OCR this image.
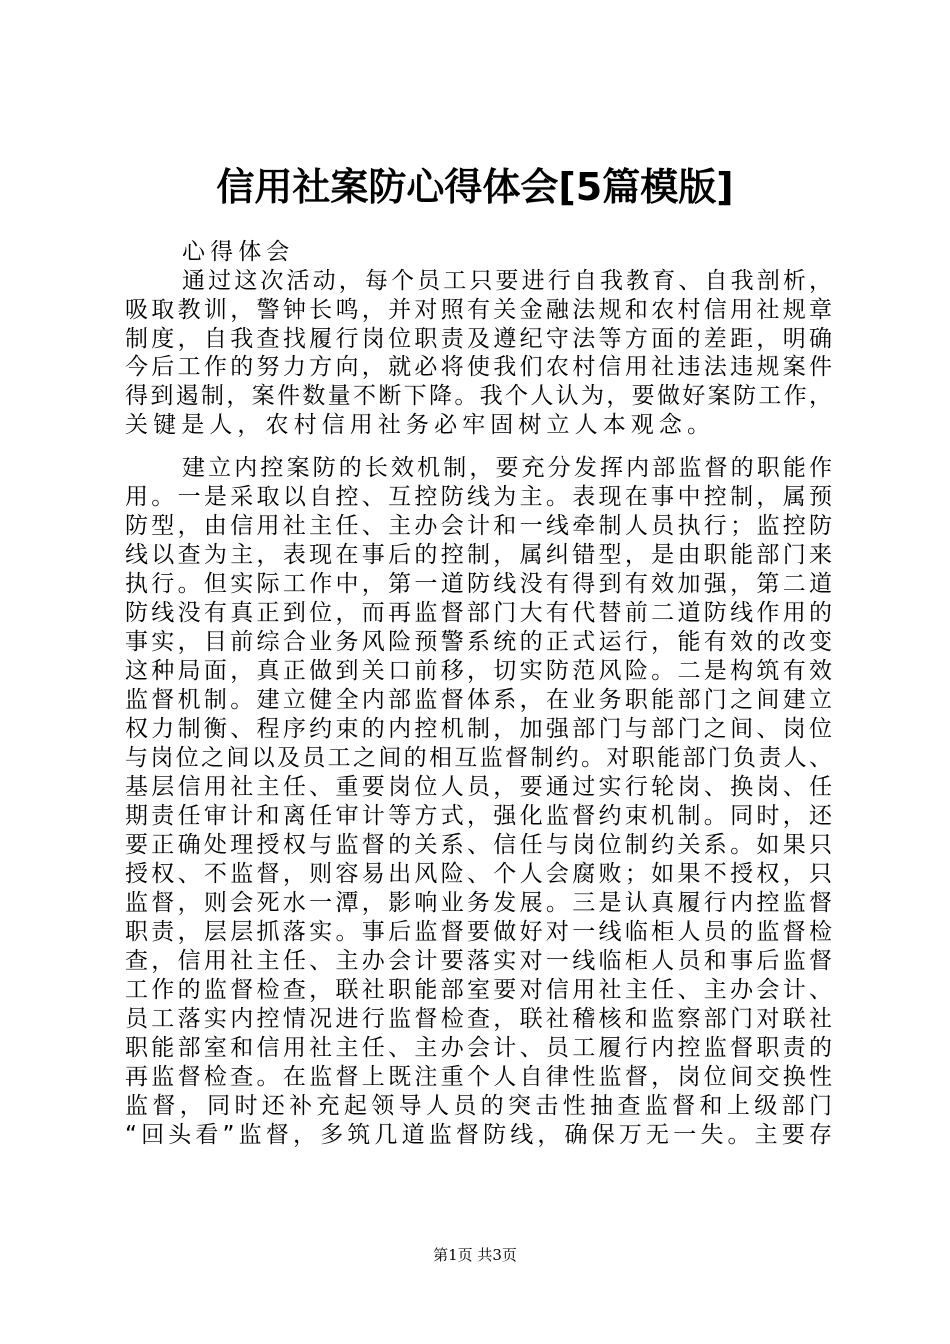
信用社案防心得体会[5篇模版]
心得体会
通过这次活动，每个员工只要进行自我教育、自我剖析，
吸取教训，警钟长鸣，并对照有关金融法规和农村信用社规章
制度，自我查找履行岗位职责及遵纪守法等方面的差距，明确
今后工作的努力方向，就必将使我们农村信用社违法违规案件
得到遏制，案件数量不断下降。我个人认为，要做好案防工作，
关键是人，农村信用社务必牢固树立人本观念。
建立内控案防的长效机制，要充分发挥内部监督的职能作
用。一是采取以自控、互控防线为主。表现在事中控制，属预
防型，由信用社主任、主办会计和一线牵制人员执行；监控防
线以查为主，表现在事后的控制，属纠错型，是由职能部门来
执行。但实际工作中，第一道防线没有得到有效加强，第二道
防线没有真正到位，而再监督部门大有代替前二道防线作用的
事实，目前综合业务风险预警系统的正式运行，能有效的改变
这种局面，真正做到关口前移，切实防范风险。二是构筑有效
监督机制。建立健全内部监督体系，在业务职能部门之间建立
权力制衡、程序约束的内控机制，加强部门与部门之间、岗位
与岗位之间以及员工之间的相互监督制约。对职能部门负责人、
基层信用社主任、重要岗位人员，要通过实行轮岗、换岗、任
期责任审计和离任审计等方式，强化监督约束机制。同时，还
要正确处理授权与监督的关系、信任与岗位制约关系。如果只
授权、不监督，则容易出风险、个人会腐败；如果不授权，只
监督，则会死水一潭，影响业务发展。三是认真履行内控监督
职责，层层抓落实。事后监督要做好对一线临柜人员的监督检
查，信用社主任、主办会计要落实对一线临柜人员和事后监督
工作的监督检查，联社职能部室要对信用社主任、主办会计、
员工落实内控情况进行监督检查，联社稽核和监察部门对联社
职能部室和信用社主任、主办会计、员工履行内控监督职责的
再监督检查。在监督上既注重个人自律性监督，岗位间交换性
监督，同时还补充起领导人员的突击性抽查监督和上级部门
“回头看”监督，多筑几道监督防线，确保万无一失。主要存
第1页 共3页
